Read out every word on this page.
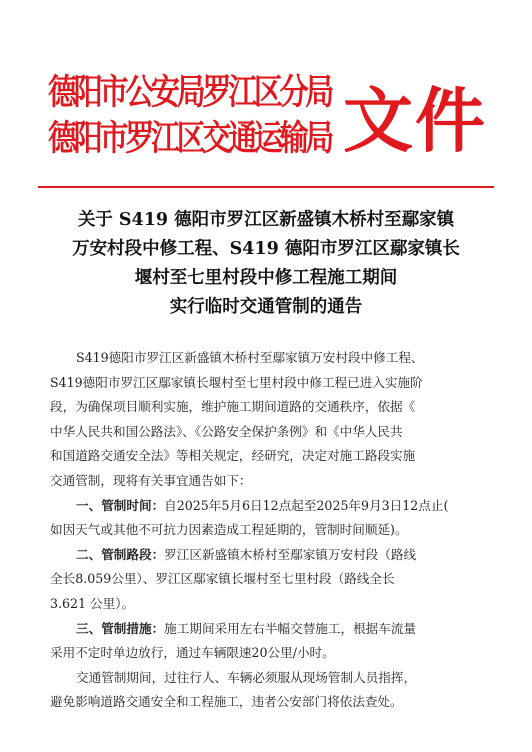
德阳市公安局罗江区分局
德阳市罗江区交通运输局 文件
关于 S419 德阳市罗江区新盛镇木桥村至鄢家镇
万安村段中修工程、S419 德阳市罗江区鄢家镇长
堰村至七里村段中修工程施工期间
实行临时交通管制的通告
S419德阳市罗江区新盛镇木桥村至鄢家镇万安村段中修工程、
S419德阳市罗江区鄢家镇长堰村至七里村段中修工程已进入实施阶
段，为确保项目顺利实施，维护施工期间道路的交通秩序，依据《
中华人民共和国公路法》、《公路安全保护条例》和《中华人民共
和国道路交通安全法》等相关规定，经研究，决定对施工路段实施
交通管制，现将有关事宜通告如下：
一、管制时间：自2025年5月6日12点起至2025年9月3日12点止(
如因天气或其他不可抗力因素造成工程延期的，管制时间顺延)。
二、管制路段：罗江区新盛镇木桥村至鄢家镇万安村段（路线
全长8.059公里）、罗江区鄢家镇长堰村至七里村段（路线全长
3.621 公里）。
三、管制措施：施工期间采用左右半幅交替施工，根据车流量
采用不定时单边放行，通过车辆限速20公里/小时。
交通管制期间，过往行人、车辆必须服从现场管制人员指挥，
避免影响道路交通安全和工程施工，违者公安部门将依法查处。
